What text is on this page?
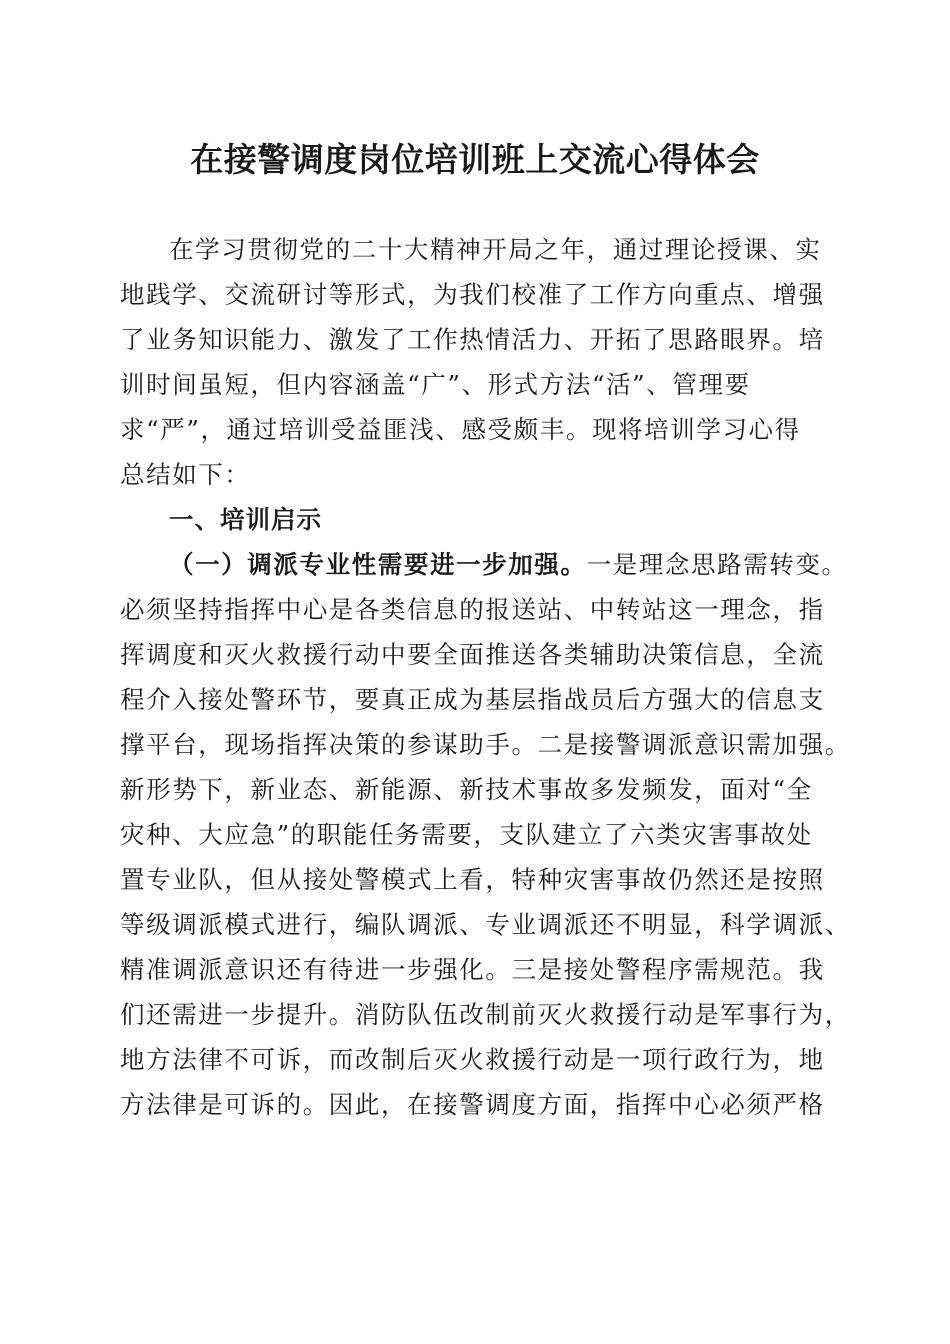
在接警调度岗位培训班上交流心得体会
在学习贯彻党的二十大精神开局之年，通过理论授课、实
地践学、交流研讨等形式，为我们校准了工作方向重点、增强
了业务知识能力、激发了工作热情活力、开拓了思路眼界。培
训时间虽短，但内容涵盖“广”、形式方法“活”、管理要
求“严”，通过培训受益匪浅、感受颇丰。现将培训学习心得
总结如下：
一、培训启示
（一）调派专业性需要进一步加强。一是理念思路需转变。
必须坚持指挥中心是各类信息的报送站、中转站这一理念，指
挥调度和灭火救援行动中要全面推送各类辅助决策信息，全流
程介入接处警环节，要真正成为基层指战员后方强大的信息支
撑平台，现场指挥决策的参谋助手。二是接警调派意识需加强。
新形势下，新业态、新能源、新技术事故多发频发，面对“全
灾种、大应急”的职能任务需要，支队建立了六类灾害事故处
置专业队，但从接处警模式上看，特种灾害事故仍然还是按照
等级调派模式进行，编队调派、专业调派还不明显，科学调派、
精准调派意识还有待进一步强化。三是接处警程序需规范。我
们还需进一步提升。消防队伍改制前灭火救援行动是军事行为，
地方法律不可诉，而改制后灭火救援行动是一项行政行为，地
方法律是可诉的。因此，在接警调度方面，指挥中心必须严格
